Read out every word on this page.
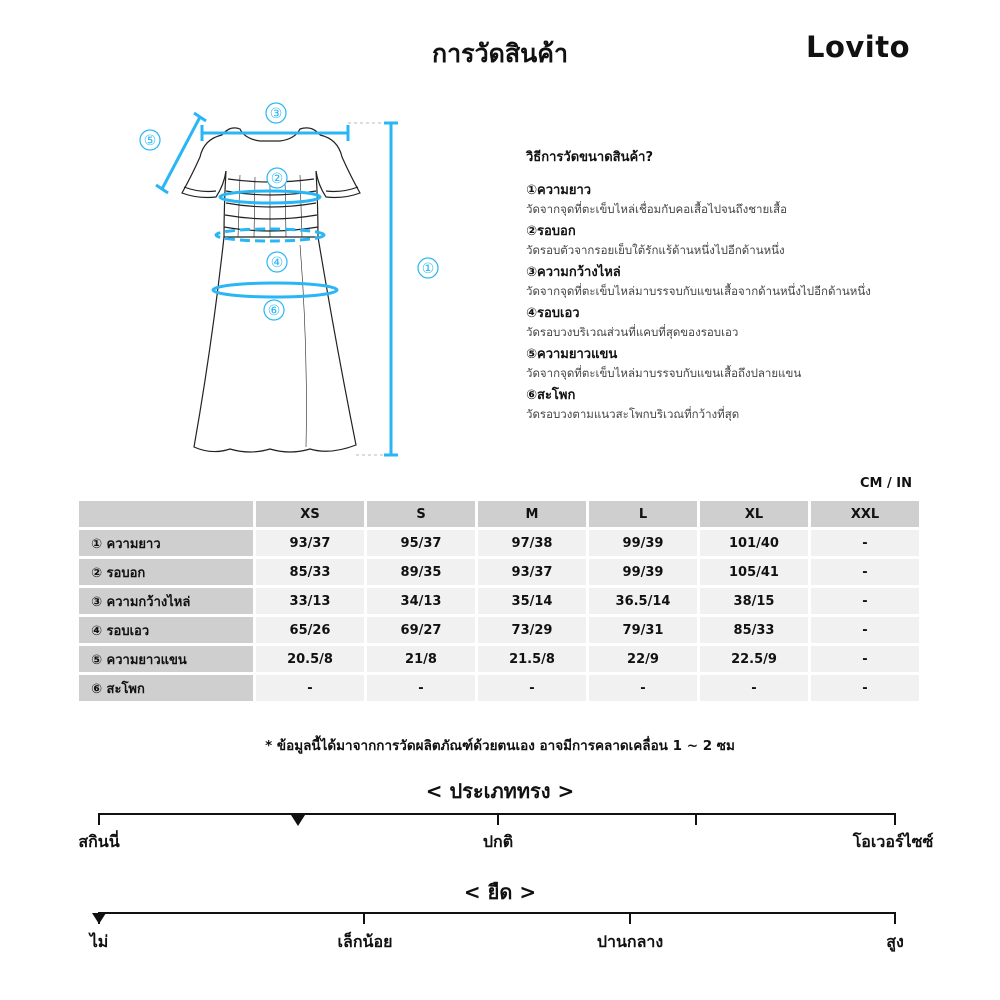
การวัดสินค้า	Lovito
③
⑤
②
④
⑥
①
วิธีการวัดขนาดสินค้า?
①ความยาว
วัดจากจุดที่ตะเข็บไหล่เชื่อมกับคอเสื้อไปจนถึงชายเสื้อ
②รอบอก
วัดรอบตัวจากรอยเย็บใต้รักแร้ด้านหนึ่งไปอีกด้านหนึ่ง
③ความกว้างไหล่
วัดจากจุดที่ตะเข็บไหล่มาบรรจบกับแขนเสื้อจากด้านหนึ่งไปอีกด้านหนึ่ง
④รอบเอว
วัดรอบวงบริเวณส่วนที่แคบที่สุดของรอบเอว
⑤ความยาวแขน
วัดจากจุดที่ตะเข็บไหล่มาบรรจบกับแขนเสื้อถึงปลายแขน
⑥สะโพก
วัดรอบวงตามแนวสะโพกบริเวณที่กว้างที่สุด
CM / IN
	XS	S	M	L	XL	XXL
① ความยาว	93/37	95/37	97/38	99/39	101/40	-
② รอบอก	85/33	89/35	93/37	99/39	105/41	-
③ ความกว้างไหล่	33/13	34/13	35/14	36.5/14	38/15	-
④ รอบเอว	65/26	69/27	73/29	79/31	85/33	-
⑤ ความยาวแขน	20.5/8	21/8	21.5/8	22/9	22.5/9	-
⑥ สะโพก	-	-	-	-	-	-
* ข้อมูลนี้ได้มาจากการวัดผลิตภัณฑ์ด้วยตนเอง อาจมีการคลาดเคลื่อน 1 ~ 2 ซม
< ประเภททรง >
สกินนี่	ปกติ	โอเวอร์ไซซ์
< ยืด >
ไม่	เล็กน้อย	ปานกลาง	สูง
